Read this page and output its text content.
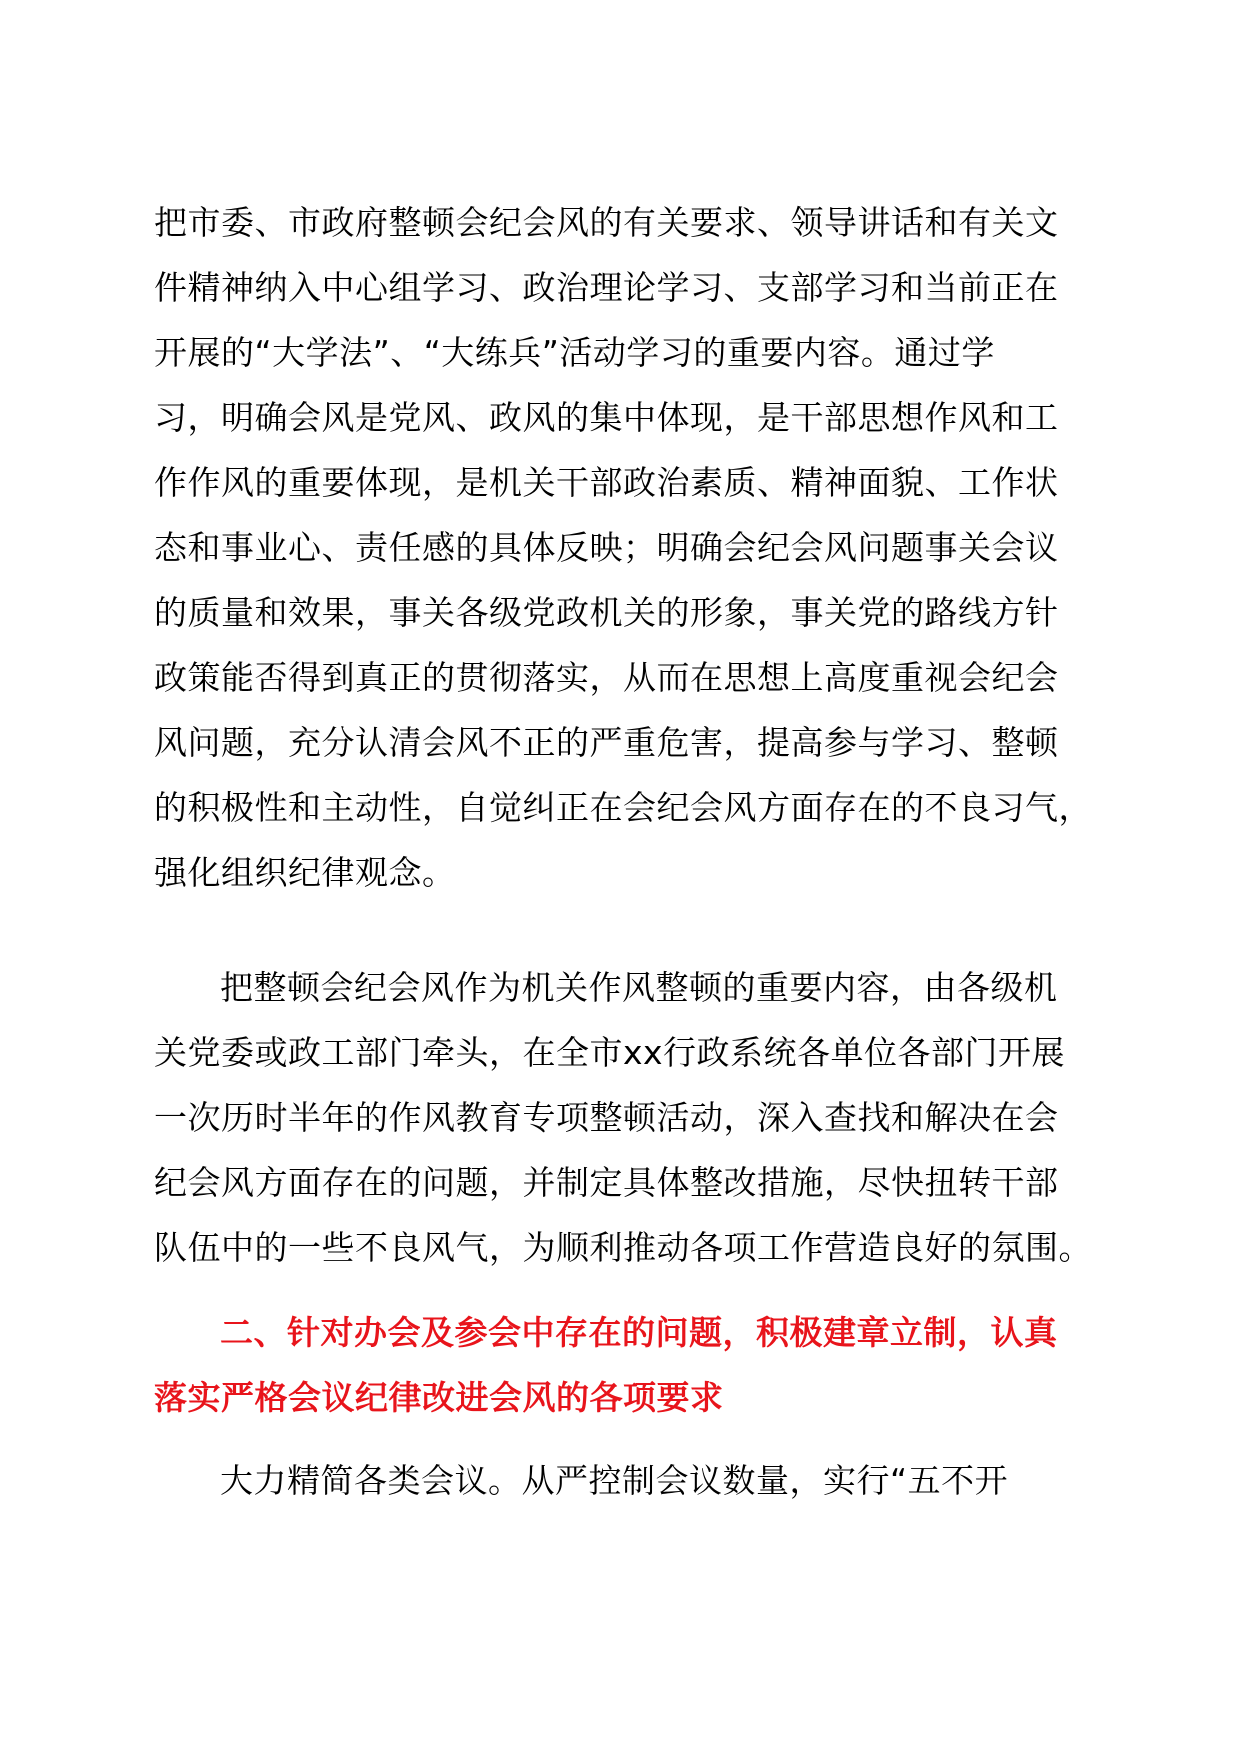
把市委、市政府整顿会纪会风的有关要求、领导讲话和有关文
件精神纳入中心组学习、政治理论学习、支部学习和当前正在
开展的“大学法”、“大练兵”活动学习的重要内容。通过学
习，明确会风是党风、政风的集中体现，是干部思想作风和工
作作风的重要体现，是机关干部政治素质、精神面貌、工作状
态和事业心、责任感的具体反映；明确会纪会风问题事关会议
的质量和效果，事关各级党政机关的形象，事关党的路线方针
政策能否得到真正的贯彻落实，从而在思想上高度重视会纪会
风问题，充分认清会风不正的严重危害，提高参与学习、整顿
的积极性和主动性，自觉纠正在会纪会风方面存在的不良习气，
强化组织纪律观念。
把整顿会纪会风作为机关作风整顿的重要内容，由各级机
关党委或政工部门牵头，在全市xx行政系统各单位各部门开展
一次历时半年的作风教育专项整顿活动，深入查找和解决在会
纪会风方面存在的问题，并制定具体整改措施，尽快扭转干部
队伍中的一些不良风气，为顺利推动各项工作营造良好的氛围。
二、针对办会及参会中存在的问题，积极建章立制，认真
落实严格会议纪律改进会风的各项要求
大力精简各类会议。从严控制会议数量，实行“五不开
